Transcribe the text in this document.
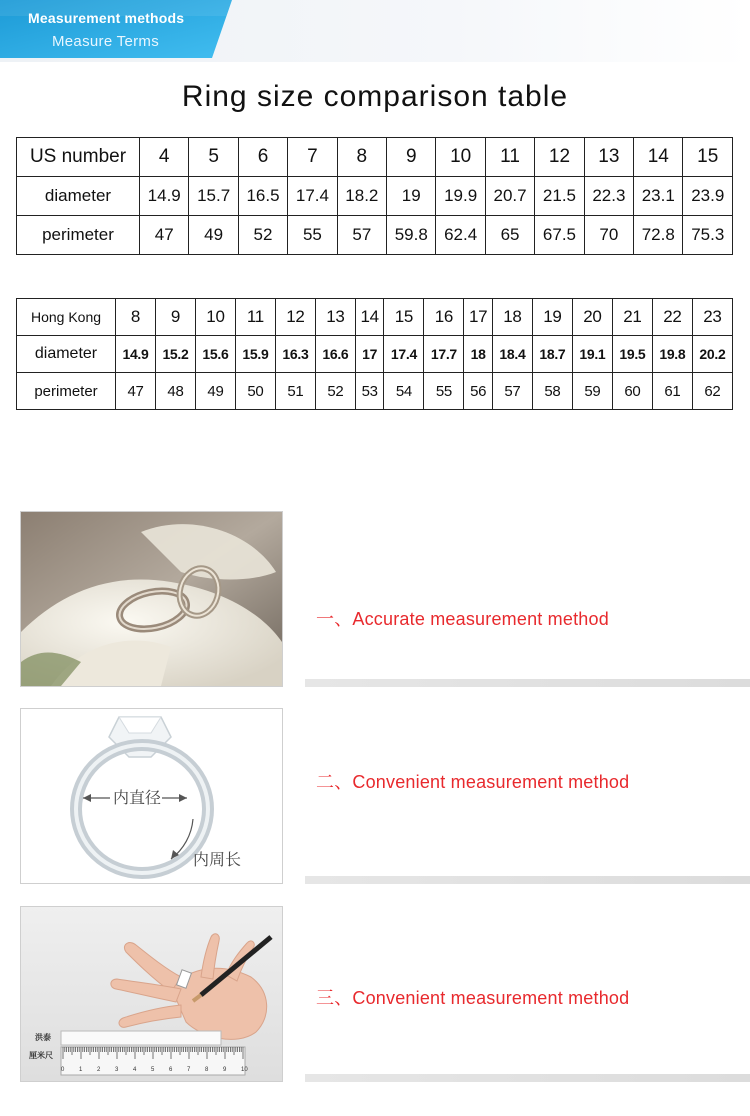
Measurement methods
Measure Terms
Ring size comparison table
US number	4	5	6	7	8	9	10	11	12	13	14	15
diameter	14.9	15.7	16.5	17.4	18.2	19	19.9	20.7	21.5	22.3	23.1	23.9
perimeter	47	49	52	55	57	59.8	62.4	65	67.5	70	72.8	75.3
Hong Kong	8	9	10	11	12	13	14	15	16	17	18	19	20	21	22	23
diameter	14.9	15.2	15.6	15.9	16.3	16.6	17	17.4	17.7	18	18.4	18.7	19.1	19.5	19.8	20.2
perimeter	47	48	49	50	51	52	53	54	55	56	57	58	59	60	61	62
一、Accurate measurement method
内直径
内周长
二、Convenient measurement method
洪泰
厘米尺
0 1 2 3 4 5 6 7 8 9 10
三、Convenient measurement method
